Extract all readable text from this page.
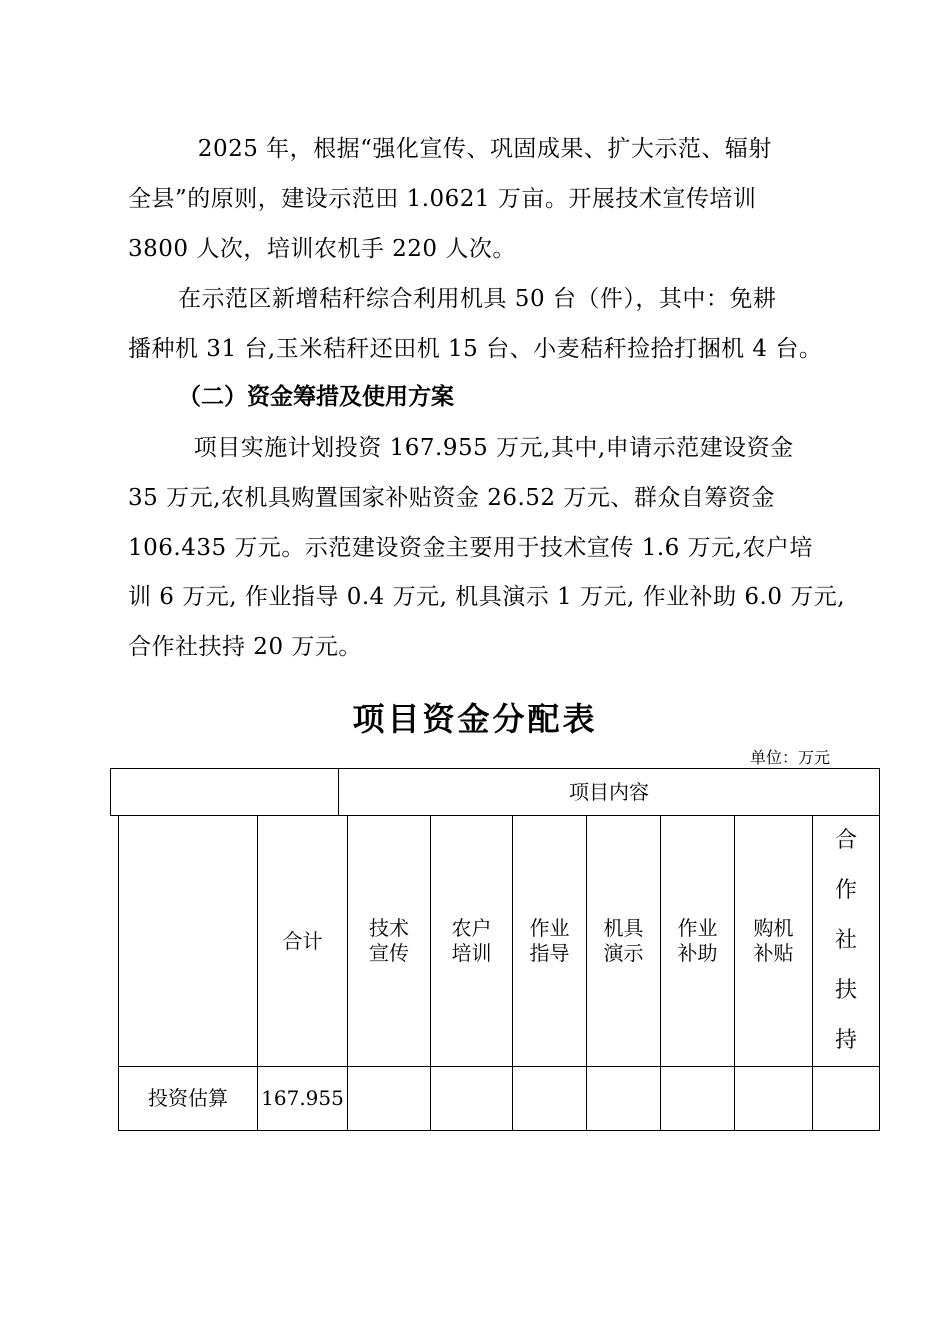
2025 年，根据“强化宣传、巩固成果、扩大示范、辐射
全县”的原则，建设示范田 1.0621 万亩。开展技术宣传培训
3800 人次，培训农机手 220 人次。
在示范区新增秸秆综合利用机具 50 台（件），其中：免耕
播种机 31 台,玉米秸秆还田机 15 台、小麦秸秆捡拾打捆机 4 台。
（二）资金筹措及使用方案
项目实施计划投资 167.955 万元,其中,申请示范建设资金
35 万元,农机具购置国家补贴资金 26.52 万元、群众自筹资金
106.435 万元。示范建设资金主要用于技术宣传 1.6 万元,农户培
训 6 万元, 作业指导 0.4 万元, 机具演示 1 万元, 作业补助 6.0 万元,
合作社扶持 20 万元。
项目资金分配表
单位：万元
项目内容
合计
技术
宣传
农户
培训
作业
指导
机具
演示
作业
补助
购机
补贴
合
作
社
扶
持
投资估算 167.955
